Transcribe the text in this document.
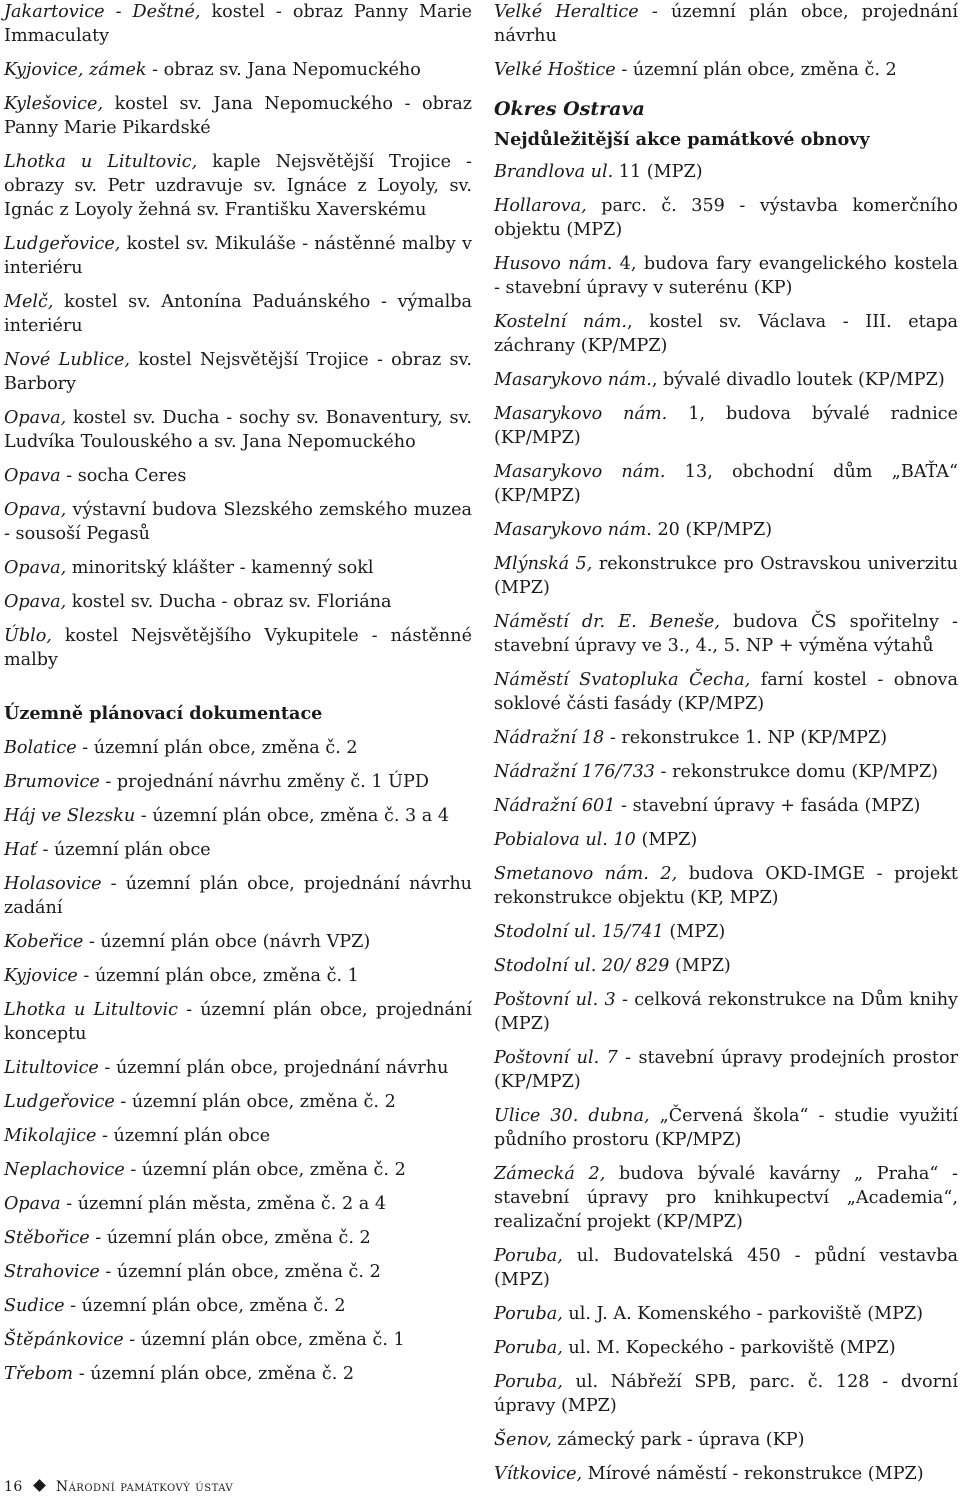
Jakartovice - Deštné, kostel - obraz Panny Marie Immaculaty
Kyjovice, zámek - obraz sv. Jana Nepomuckého
Kylešovice, kostel sv. Jana Nepomuckého - obraz Panny Marie Pikardské
Lhotka u Litultovic, kaple Nejsvětější Trojice - obrazy sv. Petr uzdravuje sv. Ignáce z Loyoly, sv. Ignác z Loyoly žehná sv. Františku Xaverskému
Ludgeřovice, kostel sv. Mikuláše - nástěnné malby v interiéru
Melč, kostel sv. Antonína Paduánského - výmalba interiéru
Nové Lublice, kostel Nejsvětější Trojice - obraz sv. Barbory
Opava, kostel sv. Ducha - sochy sv. Bonaventury, sv. Ludvíka Toulouského a sv. Jana Nepomuckého
Opava - socha Ceres
Opava, výstavní budova Slezského zemského muzea - sousoší Pegasů
Opava, minoritský klášter - kamenný sokl
Opava, kostel sv. Ducha - obraz sv. Floriána
Úblo, kostel Nejsvětějšího Vykupitele - nástěnné malby
Územně plánovací dokumentace
Bolatice - územní plán obce, změna č. 2
Brumovice - projednání návrhu změny č. 1 ÚPD
Háj ve Slezsku - územní plán obce, změna č. 3 a 4
Hať - územní plán obce
Holasovice - územní plán obce, projednání návrhu zadání
Kobeřice - územní plán obce (návrh VPZ)
Kyjovice - územní plán obce, změna č. 1
Lhotka u Litultovic - územní plán obce, projednání konceptu
Litultovice - územní plán obce, projednání návrhu
Ludgeřovice - územní plán obce, změna č. 2
Mikolajice - územní plán obce
Neplachovice - územní plán obce, změna č. 2
Opava - územní plán města, změna č. 2 a 4
Stěbořice - územní plán obce, změna č. 2
Strahovice - územní plán obce, změna č. 2
Sudice - územní plán obce, změna č. 2
Štěpánkovice - územní plán obce, změna č. 1
Třebom - územní plán obce, změna č. 2
Velké Heraltice - územní plán obce, projednání návrhu
Velké Hoštice - územní plán obce, změna č. 2
Okres Ostrava
Nejdůležitější akce památkové obnovy
Brandlova ul. 11 (MPZ)
Hollarova, parc. č. 359 - výstavba komerčního objektu (MPZ)
Husovo nám. 4, budova fary evangelického kostela - stavební úpravy v suterénu (KP)
Kostelní nám., kostel sv. Václava - III. etapa záchrany (KP/MPZ)
Masarykovo nám., bývalé divadlo loutek (KP/MPZ)
Masarykovo nám. 1, budova bývalé radnice (KP/MPZ)
Masarykovo nám. 13, obchodní dům „BAŤA“ (KP/MPZ)
Masarykovo nám. 20 (KP/MPZ)
Mlýnská 5, rekonstrukce pro Ostravskou univerzitu (MPZ)
Náměstí dr. E. Beneše, budova ČS spořitelny - stavební úpravy ve 3., 4., 5. NP + výměna výtahů
Náměstí Svatopluka Čecha, farní kostel - obnova soklové části fasády (KP/MPZ)
Nádražní 18 - rekonstrukce 1. NP (KP/MPZ)
Nádražní 176/733 - rekonstrukce domu (KP/MPZ)
Nádražní 601 - stavební úpravy + fasáda (MPZ)
Pobialova ul. 10 (MPZ)
Smetanovo nám. 2, budova OKD-IMGE - projekt rekonstrukce objektu (KP, MPZ)
Stodolní ul. 15/741 (MPZ)
Stodolní ul. 20/ 829 (MPZ)
Poštovní ul. 3 - celková rekonstrukce na Dům knihy (MPZ)
Poštovní ul. 7 - stavební úpravy prodejních prostor (KP/MPZ)
Ulice 30. dubna, „Červená škola“ - studie využití půdního prostoru (KP/MPZ)
Zámecká 2, budova bývalé kavárny „ Praha“ - stavební úpravy pro knihkupectví „Academia“, realizační projekt (KP/MPZ)
Poruba, ul. Budovatelská 450 - půdní vestavba (MPZ)
Poruba, ul. J. A. Komenského - parkoviště (MPZ)
Poruba, ul. M. Kopeckého - parkoviště (MPZ)
Poruba, ul. Nábřeží SPB, parc. č. 128 - dvorní úpravy (MPZ)
Šenov, zámecký park - úprava (KP)
Vítkovice, Mírové náměstí - rekonstrukce (MPZ)
16 Národní památkový ústav
